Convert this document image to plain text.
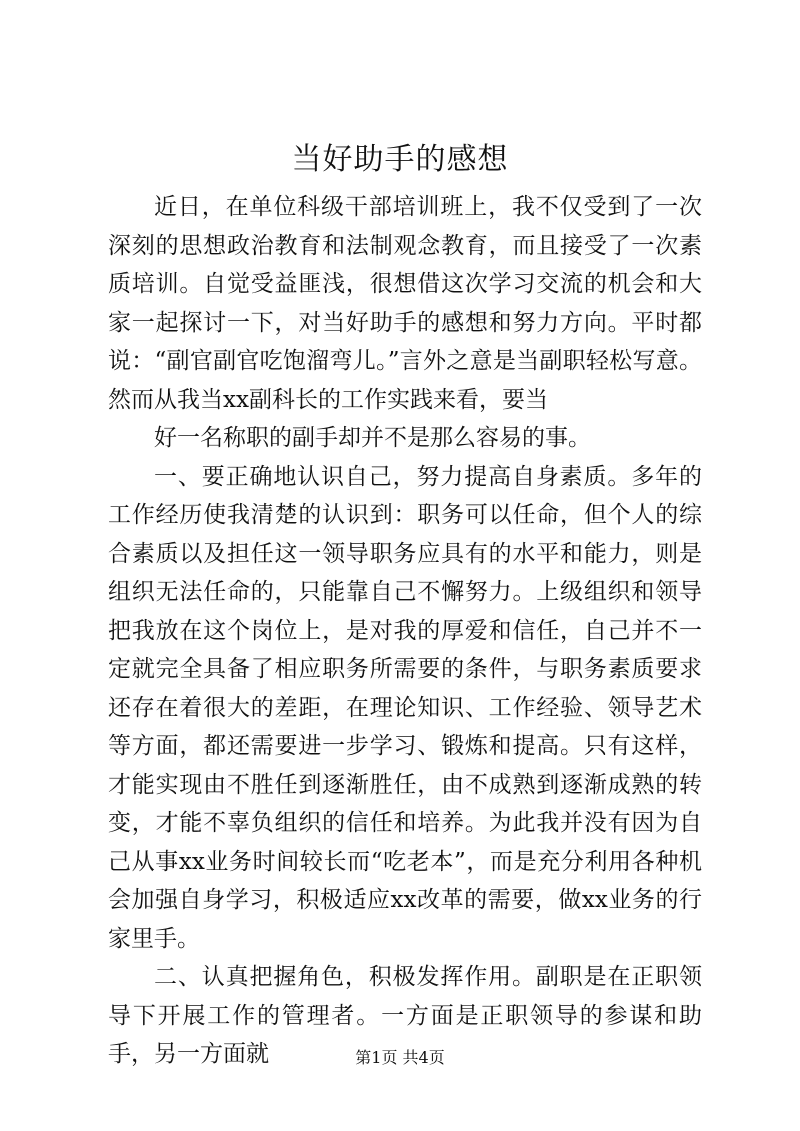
当好助手的感想

近日，在单位科级干部培训班上，我不仅受到了一次深刻的思想政治教育和法制观念教育，而且接受了一次素质培训。自觉受益匪浅，很想借这次学习交流的机会和大家一起探讨一下，对当好助手的感想和努力方向。平时都说：“副官副官吃饱溜弯儿。”言外之意是当副职轻松写意。然而从我当xx副科长的工作实践来看，要当

好一名称职的副手却并不是那么容易的事。

一、要正确地认识自己，努力提高自身素质。多年的工作经历使我清楚的认识到：职务可以任命，但个人的综合素质以及担任这一领导职务应具有的水平和能力，则是组织无法任命的，只能靠自己不懈努力。上级组织和领导把我放在这个岗位上，是对我的厚爱和信任，自己并不一定就完全具备了相应职务所需要的条件，与职务素质要求还存在着很大的差距，在理论知识、工作经验、领导艺术等方面，都还需要进一步学习、锻炼和提高。只有这样，才能实现由不胜任到逐渐胜任，由不成熟到逐渐成熟的转变，才能不辜负组织的信任和培养。为此我并没有因为自己从事xx业务时间较长而“吃老本”，而是充分利用各种机会加强自身学习，积极适应xx改革的需要，做xx业务的行家里手。

二、认真把握角色，积极发挥作用。副职是在正职领导下开展工作的管理者。一方面是正职领导的参谋和助手，另一方面就	第1页 共4页
